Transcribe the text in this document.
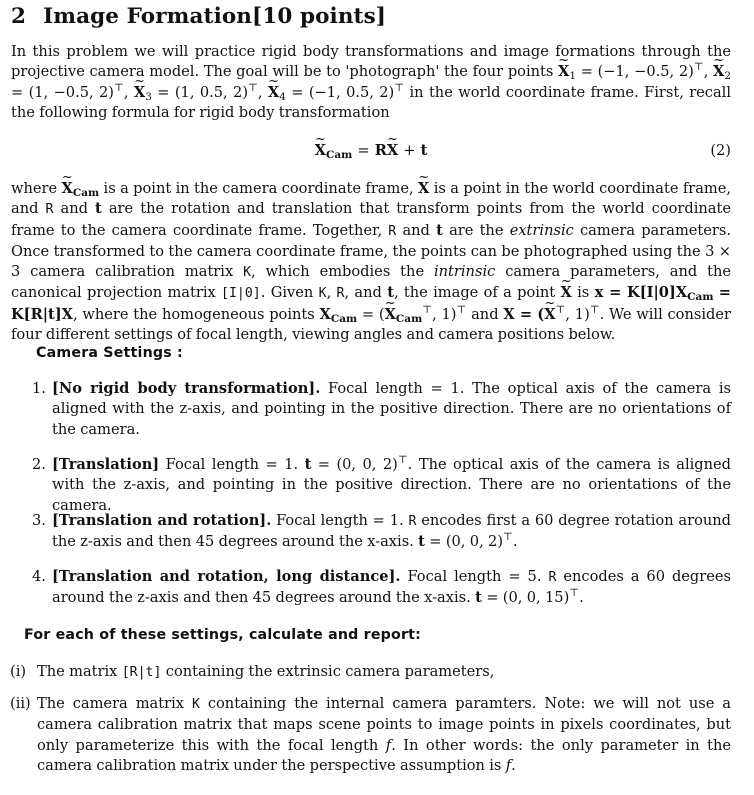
2 Image Formation[10 points]

In this problem we will practice rigid body transformations and image formations through the projective camera model. The goal will be to 'photograph' the four points ~ $X_1 = (-1$, −0.5, 2)⊤, ~ $X_2 = (1$, −0.5, 2)⊤, ~ $X_3 = (1$, 0.5, 2)⊤, ~ $X_4 = (-1$, 0.5, 2)⊤ in the world coordinate frame. First, recall the following formula for rigid body transformation

~ $X_{Cam}$ = R~ X + t	(2)

where ~ $X_{Cam}$ is a point in the camera coordinate frame, ~ X is a point in the world coordinate frame, and R and t are the rotation and translation that transform points from the world coordinate frame to the camera coordinate frame. Together, R and t are the extrinsic camera parameters. Once transformed to the camera coordinate frame, the points can be photographed using the 3 × 3 camera calibration matrix K, which embodies the intrinsic camera parameters, and the canonical projection matrix [I|0]. Given K, R, and t, the image of a point ~ X is $x = K[I|0]X_{Cam} = K[R|t]X$, where the homogeneous points $X_{Cam}$ = (~ $X_{Cam}^⊤$, 1)⊤ and X = (~ X⊤, 1)⊤. We will consider four different settings of focal length, viewing angles and camera positions below.

Camera Settings :
1. [No rigid body transformation]. Focal length = 1. The optical axis of the camera is aligned with the z-axis, and pointing in the positive direction. There are no orientations of the camera.
2. [Translation] Focal length = 1. t = (0, 0, 2)⊤. The optical axis of the camera is aligned with the z-axis, and pointing in the positive direction. There are no orientations of the camera.
3. [Translation and rotation]. Focal length = 1. R encodes first a 60 degree rotation around the z-axis and then 45 degrees around the x-axis. t = (0, 0, 2)⊤.
4. [Translation and rotation, long distance]. Focal length = 5. R encodes a 60 degrees around the z-axis and then 45 degrees around the x-axis. t = (0, 0, 15)⊤.
For each of these settings, calculate and report:
(i) The matrix [R|t] containing the extrinsic camera parameters,
(ii) The camera matrix K containing the internal camera paramters. Note: we will not use a camera calibration matrix that maps scene points to image points in pixels coordinates, but only parameterize this with the focal length f. In other words: the only parameter in the camera calibration matrix under the perspective assumption is f.
